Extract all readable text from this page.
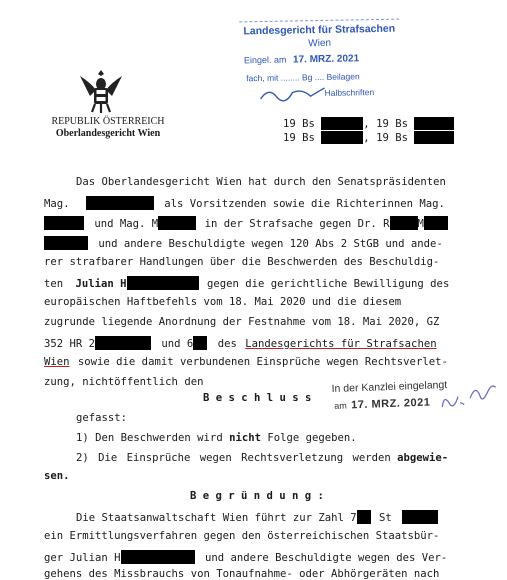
REPUBLIK ÖSTERREICH
Oberlandesgericht Wien
19 Bs	, 19 Bs
19 Bs	, 19 Bs
Landesgericht für Strafsachen
Wien
Eingel. am 17. MRZ. 2021
fach, mit ........ Bg .... Beilagen
Halbschriften
Das Oberlandesgericht Wien hat durch den Senatspräsidenten
Mag.	als Vorsitzenden sowie die Richterinnen Mag.
und Mag. M	in der Strafsache gegen Dr. R	M
und andere Beschuldigte wegen 120 Abs 2 StGB und ande-
rer strafbarer Handlungen über die Beschwerden des Beschuldig-
ten Julian H	gegen die gerichtliche Bewilligung des
europäischen Haftbefehls vom 18. Mai 2020 und die diesem
zugrunde liegende Anordnung der Festnahme vom 18. Mai 2020, GZ
352 HR 2	und 6 des Landesgerichts für Strafsachen
Wien sowie die damit verbundenen Einsprüche wegen Rechtsverlet-
zung, nichtöffentlich den
B e s c h l u s s
gefasst:
1) Den Beschwerden wird nicht Folge gegeben.
2) Die Einsprüche wegen Rechtsverletzung werden abgewie-
sen.
B e g r ü n d u n g :
Die Staatsanwaltschaft Wien führt zur Zahl 7 St
ein Ermittlungsverfahren gegen den österreichischen Staatsbür-
ger Julian H	und andere Beschuldigte wegen des Ver-
gehens des Missbrauchs von Tonaufnahme- oder Abhörgeräten nach
In der Kanzlei eingelangt
am 17. MRZ. 2021
